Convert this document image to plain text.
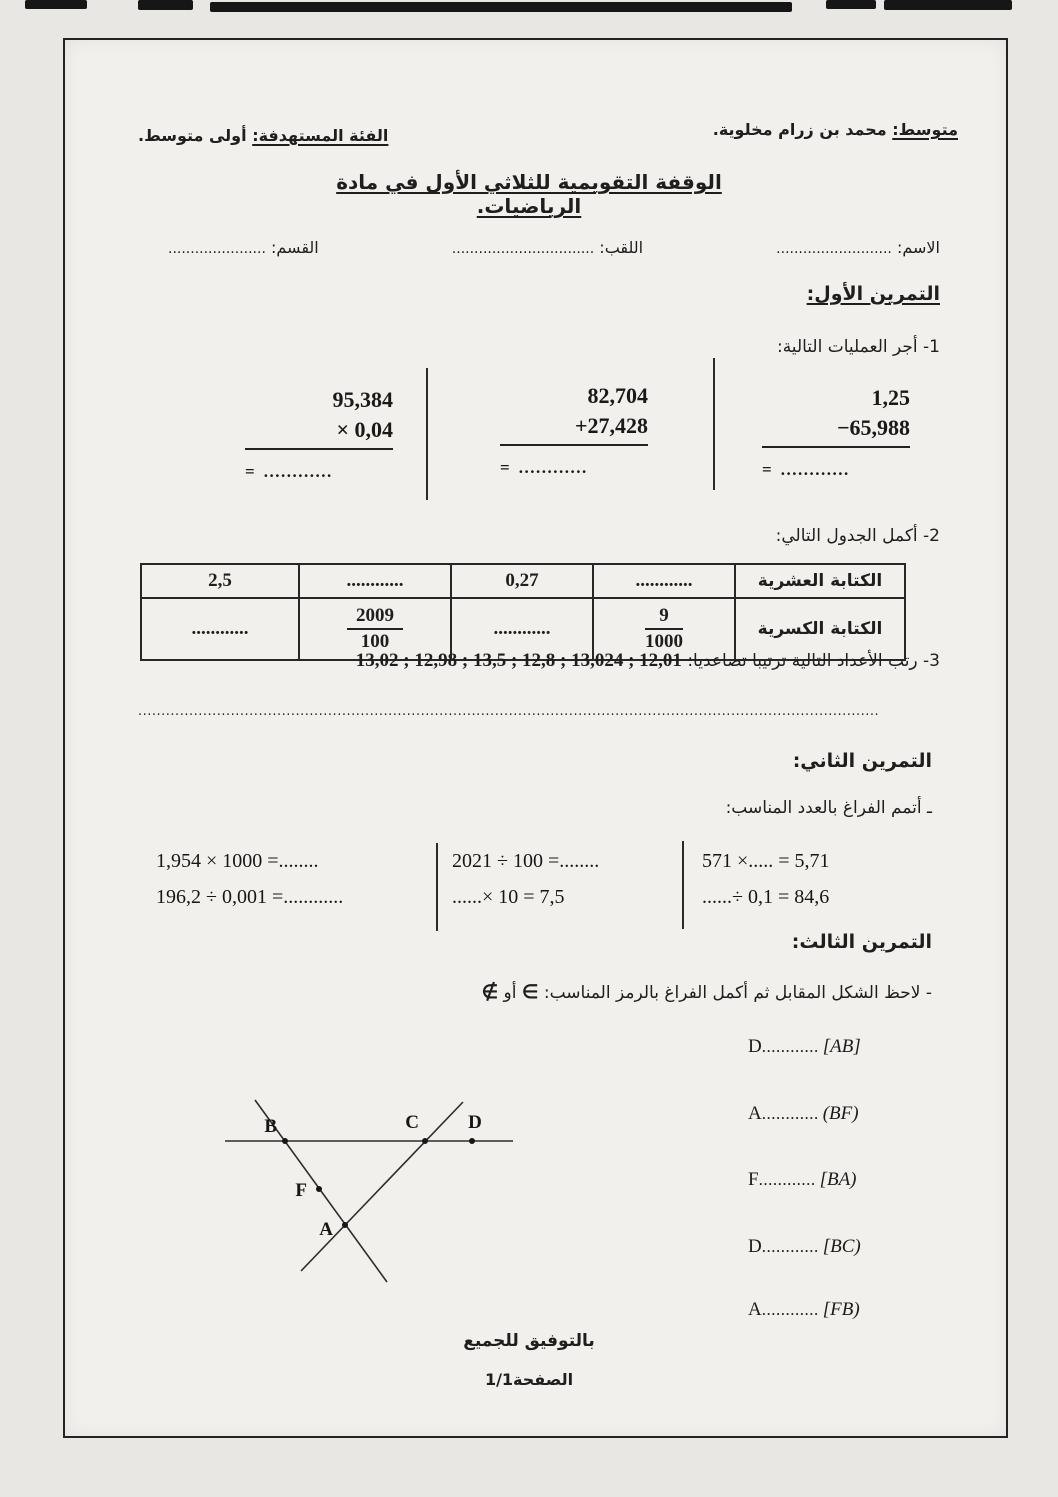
متوسط: محمد بن زرام مخلوية.
الفئة المستهدفة: أولى متوسط.
الوقفة التقويمية للثلاثي الأول في مادة الرياضيات.
الاسم: ..........................
اللقب: ................................
القسم: ......................
التمرين الأول:
1- أجر العمليات التالية:
1,25
−65,988
= ............
82,704
+27,428
= ............
95,384
× 0,04
= ............
2- أكمل الجدول التالي:
الكتابة العشرية	............	0,27	............	2,5
الكتابة الكسرية	$\frac{9}{1000}$	............	$\frac{2009}{100}$	............
3- رتب الأعداد التالية ترتيبا تصاعديا: 12,01 ; 13,024 ; 12,8 ; 13,5 ; 12,98 ; 13,02
................................................................................................................................................................
التمرين الثاني:
ـ أتمم الفراغ بالعدد المناسب:
571 ×..... = 5,71
......÷ 0,1 = 84,6
2021 ÷ 100 =........
......× 10 = 7,5
1,954 × 1000 =........
196,2 ÷ 0,001 =............
التمرين الثالث:
- لاحظ الشكل المقابل ثم أكمل الفراغ بالرمز المناسب: ∈ أو ∉
D............ [AB]
A............ (BF)
F............ [BA)
D............ [BC)
A............ [FB)
B	C	D
F
A
بالتوفيق للجميع
الصفحة1/1
